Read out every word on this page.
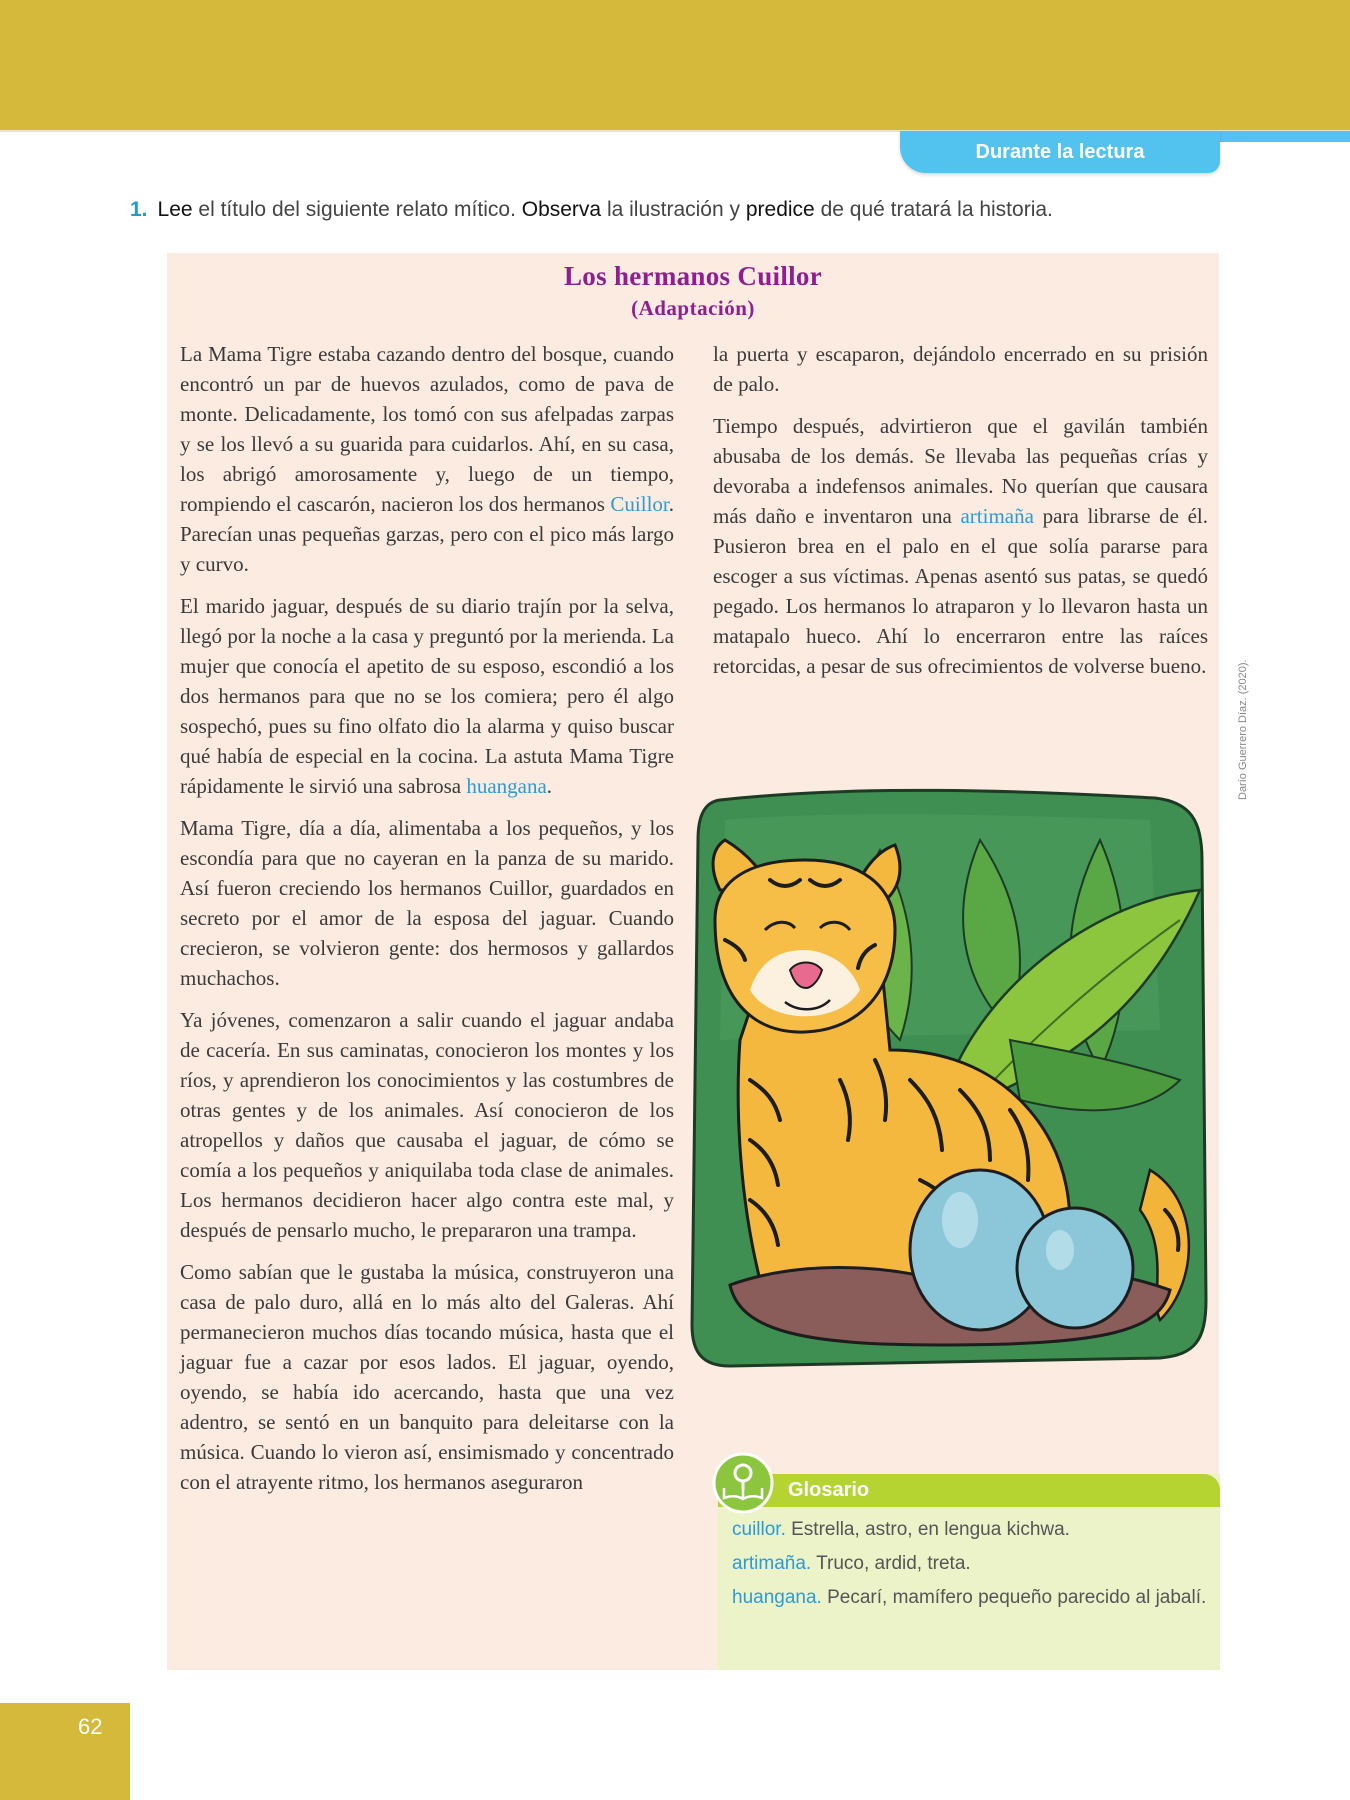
Durante la lectura
1. Lee el título del siguiente relato mítico. Observa la ilustración y predice de qué tratará la historia.
Los hermanos Cuillor
(Adaptación)

La Mama Tigre estaba cazando dentro del bosque, cuando encontró un par de huevos azulados, como de pava de monte. Delicadamente, los tomó con sus afelpadas zarpas y se los llevó a su guarida para cuidarlos. Ahí, en su casa, los abrigó amorosamente y, luego de un tiempo, rompiendo el cascarón, nacieron los dos hermanos Cuillor. Parecían unas pequeñas garzas, pero con el pico más largo y curvo.

El marido jaguar, después de su diario trajín por la selva, llegó por la noche a la casa y preguntó por la merienda. La mujer que conocía el apetito de su esposo, escondió a los dos hermanos para que no se los comiera; pero él algo sospechó, pues su fino olfato dio la alarma y quiso buscar qué había de especial en la cocina. La astuta Mama Tigre rápidamente le sirvió una sabrosa huangana.

Mama Tigre, día a día, alimentaba a los pequeños, y los escondía para que no cayeran en la panza de su marido. Así fueron creciendo los hermanos Cuillor, guardados en secreto por el amor de la esposa del jaguar. Cuando crecieron, se volvieron gente: dos hermosos y gallardos muchachos.

Ya jóvenes, comenzaron a salir cuando el jaguar andaba de cacería. En sus caminatas, conocieron los montes y los ríos, y aprendieron los conocimientos y las costumbres de otras gentes y de los animales. Así conocieron de los atropellos y daños que causaba el jaguar, de cómo se comía a los pequeños y aniquilaba toda clase de animales. Los hermanos decidieron hacer algo contra este mal, y después de pensarlo mucho, le prepararon una trampa.

Como sabían que le gustaba la música, construyeron una casa de palo duro, allá en lo más alto del Galeras. Ahí permanecieron muchos días tocando música, hasta que el jaguar fue a cazar por esos lados. El jaguar, oyendo, oyendo, se había ido acercando, hasta que una vez adentro, se sentó en un banquito para deleitarse con la música. Cuando lo vieron así, ensimismado y concentrado con el atrayente ritmo, los hermanos aseguraron

la puerta y escaparon, dejándolo encerrado en su prisión de palo.

Tiempo después, advirtieron que el gavilán también abusaba de los demás. Se llevaba las pequeñas crías y devoraba a indefensos animales. No querían que causara más daño e inventaron una artimaña para librarse de él. Pusieron brea en el palo en el que solía pararse para escoger a sus víctimas. Apenas asentó sus patas, se quedó pegado. Los hermanos lo atraparon y lo llevaron hasta un matapalo hueco. Ahí lo encerraron entre las raíces retorcidas, a pesar de sus ofrecimientos de volverse bueno.	Darío Guerrero Díaz. (2020).
Glosario
cuillor. Estrella, astro, en lengua kichwa.
artimaña. Truco, ardid, treta.
huangana. Pecarí, mamífero pequeño parecido al jabalí.
62
